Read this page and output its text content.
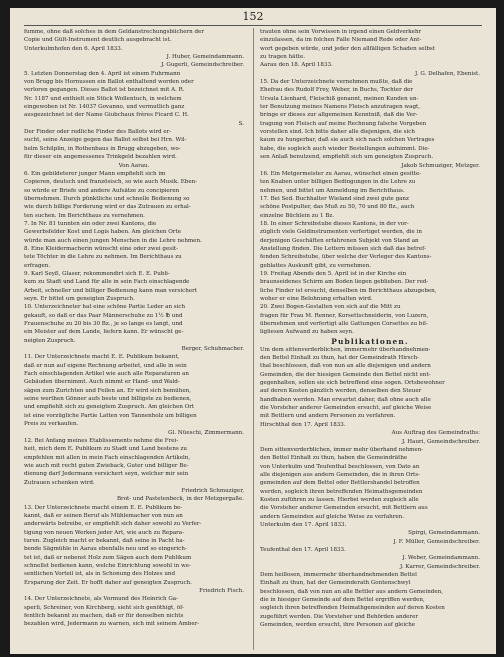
152
fumme, ohne daß solches in dem Geldanstrechungsbiichern der
Copie und Gült-Instrument deutlich ausgebracht ist.
Unterkulmhofen den 6. April 1833.
J. Huber, Gemeindammann.
J. Gugerli, Gemeindschreiber.
5. Letzten Donnerstag den 4. April ist einem Fuhrmann
von Brugg bis Hornussen ein Ballot enthaltend worden oder
verloren gegangen. Dieses Ballot ist bezeichnet mit A. R.
Nr. 1187 und enthielt ein Stück Wollentuch, in welchem
eingewoben ist Nr. 14037 Govanno, und vermutlich ganz
ausgezeichnet ist der Name Giubchaux frères Ficard C. H.
S.
Der Finder oder redliche Finder des Ballots wird er-
sucht, seine Anzeige gegen das Ballot selbst bei Hrn. Wil-
helm Schilplin, in Rothenbaus in Brugg abzugeben, wo-
für dieser ein angemessenes Trinkgeld bezahlen wird.
Von Aarau.
6. Ein gebildeterer junger Mann empfiehlt sich im
Copieren, deutsch und französisch, so wie auch Musik. Eben-
so würde er Briefe und andere Aufsätze zu concipieren
übernehmen. Durch pünktliche und schnelle Bedienung so
wie durch billige Forderung wird er das Zutrauen zu erhal-
ten suchen. Im Berichthaus zu vernehmen.
7. In Nr. 81 tunnten ein oder zwei Kantons, die
Gewerbsfelder Kost und Logis haben. Am gleichen Orte
würde man auch einen jungen Menschen in die Lehre nehmen.
8. Eine Kleidermacherin wünscht eine oder zwei gesit-
tete Töchter in die Lehre zu nehmen. Im Berichthaus zu
erfragen.
9. Karl Seyß, Glaser, rekommendirt sich E. E. Publi-
kum zu Stadt und Land für alle in sein Fach einschlagende
Arbeit, schneller und billiger Bedienung kann man versichert
seyn. Er bittet um geneigten Zuspruch.
10. Unterzeichneter hat eine schöne Partie Leder an sich
gekauft, so daß er das Paar Männerschuhe zu 1½ ℔ und
Frauenschuhe zu 20 bis 30 Bz., je so lange es langt, und
ein Meister auf dem Lande, liefern kann. Er wünscht ge-
neigten Zuspruch.
Berger, Schuhmacher.
11. Der Unterzeichnete macht E. E. Publikum bekannt,
daß er nun auf eigene Rechnung arbeitet, und alle in sein
Fach einschlagenden Artikel wie auch alle Reparaturen an
Gebäuden übernimmt. Auch nimmt er Hand- und Wald-
sägen zum Zurichten und Feilen an. Er wird sich bemühen,
seine werthen Gönner aufs beste und billigste zu bedienen,
und empfiehlt sich zu geneigtem Zuspruch. Am gleichen Ort
ist eine vorzügliche Partie Latten von Tannenholz um billigen
Preis zu verkaufen.
Gl. Nüeschi, Zimmermann.
12. Bei Anfang meines Etablissements nehme die Frei-
heit, mich dem E. Publikum zu Stadt und Land bestens zu
empfehlen mit allen in mein Fach einschlagenden Artikeln,
wie auch mit recht guten Zwieback, Guter und billiger Be-
dienung darf Jedermann versichert seyn, welcher mir sein
Zutrauen schenken wird.
Friedrich Schmuziger,
Brot- und Pastetenbeck, in der Metzgergaße.
13. Der Unterzeichnete macht einem E. E. Publikum be-
kannt, daß er seinen Beruf als Mühlemacher von nun an
anderwärts betreibe, er empfiehlt sich daher sowohl zu Verfer-
tigung von neuen Werken jeder Art, wie auch zu Repara-
turen. Zugleich macht er bekannt, daß seine in Pacht ha-
bende Sägmühle in Aarau ebenfalls neu und so eingerich-
tet ist, daß er nebenst Holz zum Sägen auch dem Publikum
schnellst bedienen kann, welche Einrichtung sowohl in we-
sentlichen Vorteil ist, als in Schonung des Holzes und
Ersparung der Zeit. Er hofft daher auf geneigten Zuspruch.
Friedrich Fisch.
14. Der Unterzeichnete, als Vormund des Heinrich Ga-
sperli, Schreiner, von Kirchberg, sieht sich genöthigt, öf-
fentlich bekannt zu machen, daß er für denselben nichts
bezahlen wird, Jedermann zu warnen, sich mit seinem Amber-
trauten ohne sein Vorwissen in irgend einen Geldverkehr
einzulassen, da im folchen Falle Niemand Rede oder Ant-
wort gegeben würde, und jeder den allfälligen Schaden selbst
zu tragen hätte.
Aarau den 18. April 1833.
J. G. Delhafen, Ebenist.
15. Da der Unterzeichnete vernehmen mußte, daß die
Ehefrau des Rudolf Frey, Weber, in Buchs, Tochter der
Ursula Lienhard, Fleischiß genannt, meinen Kunden un-
ter Benutzung meines Namens Fleisch anzutragen wagt,
bringe er dieses zur allgemeinen Kenntniß, daß die Ver-
tragung von Fleisch auf meine Rechnung falsche Vorgeben
vorstellen sind. Ich bitte daher alle diejenigen, die sich
kaum zu hungerbar, daß sie auch sich nach solchen Vertrages
habe, die sogleich auch wieder Bestellungen aufnimmt. Die-
sen Anlaß benutzend, empfiehlt sich um geneigten Zuspruch.
Jakob Schmuziger, Metzger.
16. Ein Metgermeister zu Aarau, wünschet einen gesitte-
ten Knaben unter billigen Bedingungen in die Lehre zu
nehmen, und bittet um Anmeldung im Berichthaus.
17. Bei Sed. Buchhalter Wieland sind zwei gute ganz
schöne Postpulter, das Muß zu 50, 70 und 80 Bz., auch
einzelne Büchlein zu 1 Bz.
18. In einer Schreibstube dieses Kantons, in der vor-
züglich viele Geldinstrumenten verfertiget werden, die in
derjenigen Geschäften erfahrenen Subjekt von Stand an
Anstellung finden. Die Lettern müssen sich daß das betref-
fenden Schreibstube, über welche der Verleger des Kantons-
geblattes Auskunft gibt, zu vernehmen.
19. Freitag Abends den 5. April ist in der Kirche ein
braunseidenes Schirm am Boden liegen geblieben. Der red-
liche Finder ist ersucht, denselben im Berichthaus abzugeben,
woher er eine Belohnung erhalten wird.
20. Zwei Bogen-Gestalten von sich auf die Mitt zu
fragen für Frau M. Renner, Korsettschneiderin, von Luzern,
übernehmen und verfertigt alle Gattungen Corsettes zu bil-
ligliesen Aufwand zu haben seyn.
Publikationen.
Um dem sittenverderblichen, immermehr überhandnehmen-
den Bettel Einhalt zu thun, hat der Gemeindrath Hirsch-
thal beschlossen, daß von nun an alle diejenigen und andern
Gemeinden, die der hiesigen Gemeinde den Bettel nicht ent-
gegenhalten, sollen sie sich betreffend eine sogen. Ortsbewohner
auf deren Kosten gänzlich werden, denselben den Steuer
handhaben werden. Man erwartet daher, daß ohne auch alle
die Vorsteher anderer Gemeinden ersucht, auf gleiche Weise
mit Bettlern und andern Personen zu verfahren.
Hirschthal den 17. April 1833.
Aus Auftrag des Gemeindraths:
J. Hauri, Gemeindschreiber.
Dem sittenverderblichen, immer mehr überhand nehmen-
den Bettel Einhalt zu thun, haben die Gemeindräthe
von Unterkulm und Teufenthal beschlossen, von Dato an
alle diejenigen aus andern Gemeinden, die in ihren Orts-
gemeinden auf dem Bettel oder Bettlershandel betroffen
werden, sogleich ihren betreffenden Heimathsgemeinden
Kosten zuführen zu lassen. Hierbei werden zugleich alle
die Vorsteher anderer Gemeinden ersucht, mit Bettlern aus
andern Gemeinden auf gleiche Weise zu verfahren.
Unterkulm den 17. April 1833.
Spirgi, Gemeindammann.
J. F. Müller, Gemeindschreiber.
Teufenthal den 17. April 1833.
J. Weber, Gemeindammann.
J. Karrer, Gemeindschreiber.
Dem heillosen, immermehr überhandnehmenden Bettel
Einhalt zu thun, hat der Gemeinderath Gontenschwyl
beschlossen, daß von nun an alle Bettler aus andern Gemeinden,
die in hiesiger Gemeinde auf dem Bettel ergriffen werden,
sogleich ihren betreffenden Heimathgemeinden auf deren Kosten
zugeführt werden. Die Vorsteher und Behörden anderer
Gemeinden, werden ersucht, ihre Personen auf gleiche
